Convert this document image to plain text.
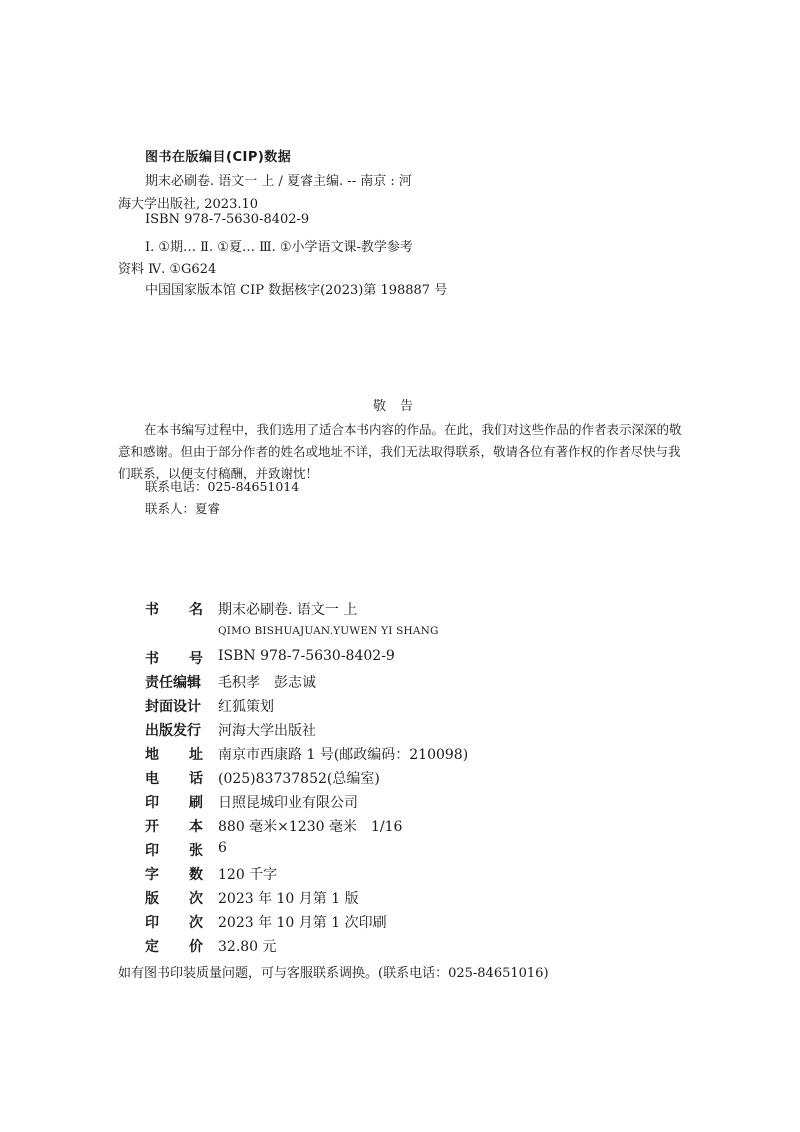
图书在版编目(CIP)数据
期末必刷卷. 语文一 上 / 夏睿主编. -- 南京 : 河
海大学出版社, 2023.10
ISBN 978-7-5630-8402-9
Ⅰ. ①期… Ⅱ. ①夏… Ⅲ. ①小学语文课-教学参考
资料 Ⅳ. ①G624
中国国家版本馆 CIP 数据核字(2023)第 198887 号
敬告
在本书编写过程中，我们选用了适合本书内容的作品。在此，我们对这些作品的作者表示深深的敬意和感谢。但由于部分作者的姓名或地址不详，我们无法取得联系，敬请各位有著作权的作者尽快与我们联系，以便支付稿酬，并致谢忱！
联系电话：025-84651014
联系人：夏睿
书 名 期末必刷卷. 语文一 上
QIMO BISHUAJUAN.YUWEN YI SHANG
书 号 ISBN 978-7-5630-8402-9
责任编辑 毛积孝　彭志诚
封面设计 红狐策划
出版发行 河海大学出版社
地 址 南京市西康路 1 号(邮政编码：210098)
电 话 (025)83737852(总编室)
印 刷 日照昆城印业有限公司
开 本 880 毫米×1230 毫米　1/16
印 张 6
字 数 120 千字
版 次 2023 年 10 月第 1 版
印 次 2023 年 10 月第 1 次印刷
定 价 32.80 元
如有图书印装质量问题，可与客服联系调换。(联系电话：025-84651016)
